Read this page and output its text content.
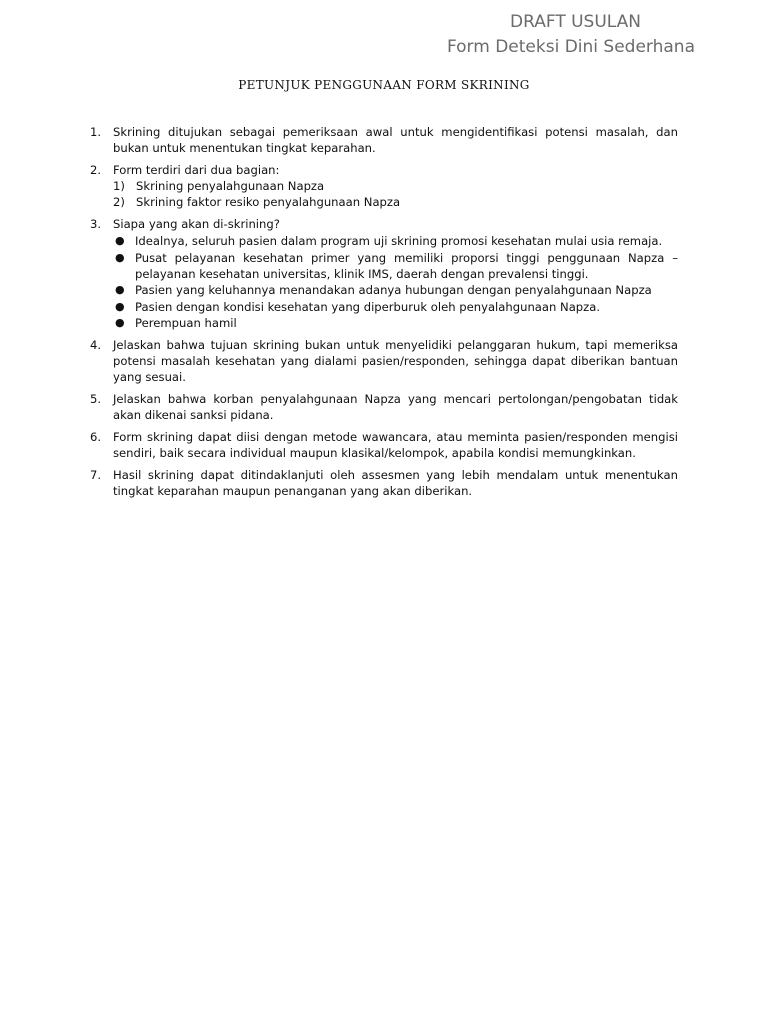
DRAFT USULAN
Form Deteksi Dini Sederhana
PETUNJUK PENGGUNAAN FORM SKRINING
1. Skrining ditujukan sebagai pemeriksaan awal untuk mengidentifikasi potensi masalah, dan bukan untuk menentukan tingkat keparahan.
2. Form terdiri dari dua bagian:
1) Skrining penyalahgunaan Napza
2) Skrining faktor resiko penyalahgunaan Napza
3. Siapa yang akan di-skrining?
● Idealnya, seluruh pasien dalam program uji skrining promosi kesehatan mulai usia remaja.
● Pusat pelayanan kesehatan primer yang memiliki proporsi tinggi penggunaan Napza – pelayanan kesehatan universitas, klinik IMS, daerah dengan prevalensi tinggi.
● Pasien yang keluhannya menandakan adanya hubungan dengan penyalahgunaan Napza
● Pasien dengan kondisi kesehatan yang diperburuk oleh penyalahgunaan Napza.
● Perempuan hamil
4. Jelaskan bahwa tujuan skrining bukan untuk menyelidiki pelanggaran hukum, tapi memeriksa potensi masalah kesehatan yang dialami pasien/responden, sehingga dapat diberikan bantuan yang sesuai.
5. Jelaskan bahwa korban penyalahgunaan Napza yang mencari pertolongan/pengobatan tidak akan dikenai sanksi pidana.
6. Form skrining dapat diisi dengan metode wawancara, atau meminta pasien/responden mengisi sendiri, baik secara individual maupun klasikal/kelompok, apabila kondisi memungkinkan.
7. Hasil skrining dapat ditindaklanjuti oleh assesmen yang lebih mendalam untuk menentukan tingkat keparahan maupun penanganan yang akan diberikan.
